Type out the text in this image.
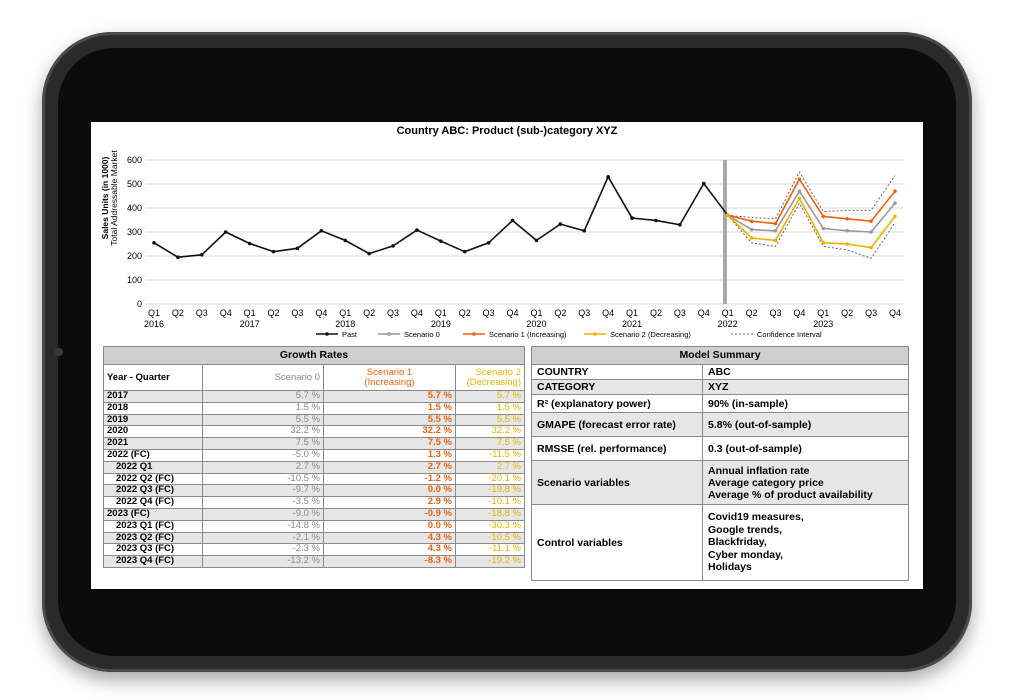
Country ABC: Product (sub-)category XYZ
0
100
200
300
400
500
600
Sales Units (in 1000) Total Addressable Market
Q1 Q2 Q3 Q4 Q1 Q2 Q3 Q4 Q1 Q2 Q3 Q4 Q1 Q2 Q3 Q4 Q1 Q2 Q3 Q4 Q1 Q2 Q3 Q4 Q1 Q2 Q3 Q4 Q1 Q2 Q3 Q4
2016	2017	2018	2019	2020	2021	2022	2023
Past	Scenario 0	Scenario 1 (Increasing)	Scenario 2 (Decreasing)	Confidence Interval
Growth Rates			
Year - Quarter	Scenario 0	Scenario 1
(Increasing)	Scenario 2
(Decreasing)
2017	5.7 %	5.7 %	5.7 %
2018	1.5 %	1.5 %	1.5 %
2019	5.5 %	5.5 %	5.5 %
2020	32.2 %	32.2 %	32.2 %
2021	7.5 %	7.5 %	7.5 %
2022 (FC)	-5.0 %	1.3 %	-11.5 %
2022 Q1	2.7 %	2.7 %	2.7 %
2022 Q2 (FC)	-10.5 %	-1.2 %	-20.1 %
2022 Q3 (FC)	-9.7 %	0.0 %	-19.8 %
2022 Q4 (FC)	-3.5 %	2.9 %	-10.1 %
2023 (FC)	-9.0 %	-0.9 %	-18.8 %
2023 Q1 (FC)	-14.8 %	0.0 %	-30.3 %
2023 Q2 (FC)	-2.1 %	4.3 %	-10.5 %
2023 Q3 (FC)	-2.3 %	4.3 %	-11.1 %
2023 Q4 (FC)	-13.2 %	-8.3 %	-19.2 %
Model Summary	
COUNTRY	ABC
CATEGORY	XYZ
R² (explanatory power)	90% (in-sample)
GMAPE (forecast error rate)	5.8% (out-of-sample)
RMSSE (rel. performance)	0.3 (out-of-sample)
Scenario variables	Annual inflation rate
Average category price
Average % of product availability

Control variables	Covid19 measures,
Google trends,
Blackfriday,
Cyber monday,
Holidays
